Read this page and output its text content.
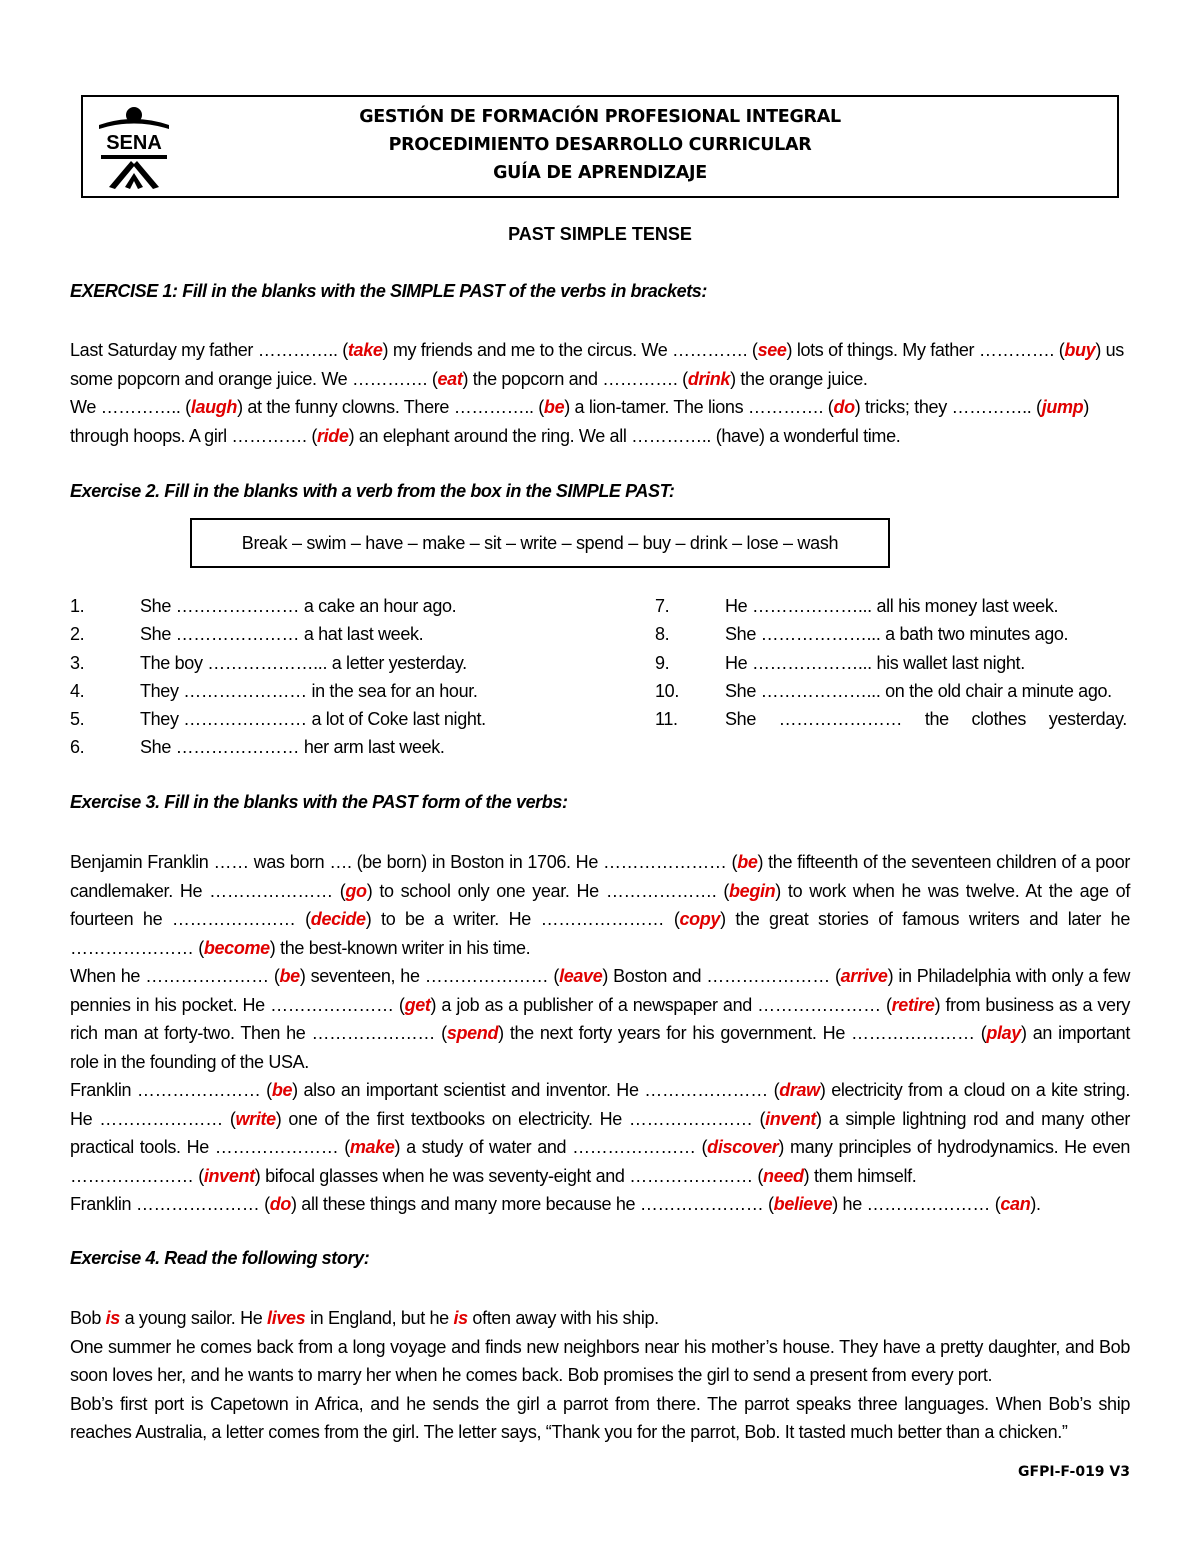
SENA
GESTIÓN DE FORMACIÓN PROFESIONAL INTEGRAL
PROCEDIMIENTO DESARROLLO CURRICULAR
GUÍA DE APRENDIZAJE
PAST SIMPLE TENSE
EXERCISE 1: Fill in the blanks with the SIMPLE PAST of the verbs in brackets:
Last Saturday my father ………….. (take) my friends and me to the circus. We …………. (see) lots of things. My father …………. (buy) us some popcorn and orange juice. We …………. (eat) the popcorn and …………. (drink) the orange juice.
We ………….. (laugh) at the funny clowns. There ………….. (be) a lion-tamer. The lions …………. (do) tricks; they ………….. (jump) through hoops. A girl …………. (ride) an elephant around the ring. We all ………….. (have) a wonderful time.
Exercise 2. Fill in the blanks with a verb from the box in the SIMPLE PAST:
Break – swim – have – make – sit – write – spend – buy – drink – lose – wash
1.	She ………………… a cake an hour ago.
2.	She ………………… a hat last week.
3.	The boy ………………... a letter yesterday.
4.	They ………………… in the sea for an hour.
5.	They ………………… a lot of Coke last night.
6.	She ………………… her arm last week.
7.	He ………………... all his money last week.
8.	She ………………... a bath two minutes ago.
9.	He ………………... his wallet last night.
10.	She ………………... on the old chair a minute ago.
11.	She ………………… the clothes yesterday.
Exercise 3. Fill in the blanks with the PAST form of the verbs:
Benjamin Franklin …… was born …. (be born) in Boston in 1706. He ………………… (be) the fifteenth of the seventeen children of a poor candlemaker. He ………………… (go) to school only one year. He ………………. (begin) to work when he was twelve. At the age of fourteen he ………………… (decide) to be a writer. He ………………… (copy) the great stories of famous writers and later he ………………… (become) the best-known writer in his time.
When he ………………… (be) seventeen, he ………………… (leave) Boston and ………………… (arrive) in Philadelphia with only a few pennies in his pocket. He ………………… (get) a job as a publisher of a newspaper and ………………… (retire) from business as a very rich man at forty-two. Then he ………………… (spend) the next forty years for his government. He ………………… (play) an important role in the founding of the USA.
Franklin ………………… (be) also an important scientist and inventor. He ………………… (draw) electricity from a cloud on a kite string. He ………………… (write) one of the first textbooks on electricity. He ………………… (invent) a simple lightning rod and many other practical tools. He ………………… (make) a study of water and ………………… (discover) many principles of hydrodynamics. He even ………………… (invent) bifocal glasses when he was seventy-eight and ………………… (need) them himself.
Franklin ………………… (do) all these things and many more because he ………………… (believe) he ………………… (can).
Exercise 4. Read the following story:
Bob is a young sailor. He lives in England, but he is often away with his ship.
One summer he comes back from a long voyage and finds new neighbors near his mother’s house. They have a pretty daughter, and Bob soon loves her, and he wants to marry her when he comes back. Bob promises the girl to send a present from every port.
Bob’s first port is Capetown in Africa, and he sends the girl a parrot from there. The parrot speaks three languages. When Bob’s ship reaches Australia, a letter comes from the girl. The letter says, “Thank you for the parrot, Bob. It tasted much better than a chicken.”
GFPI-F-019 V3
